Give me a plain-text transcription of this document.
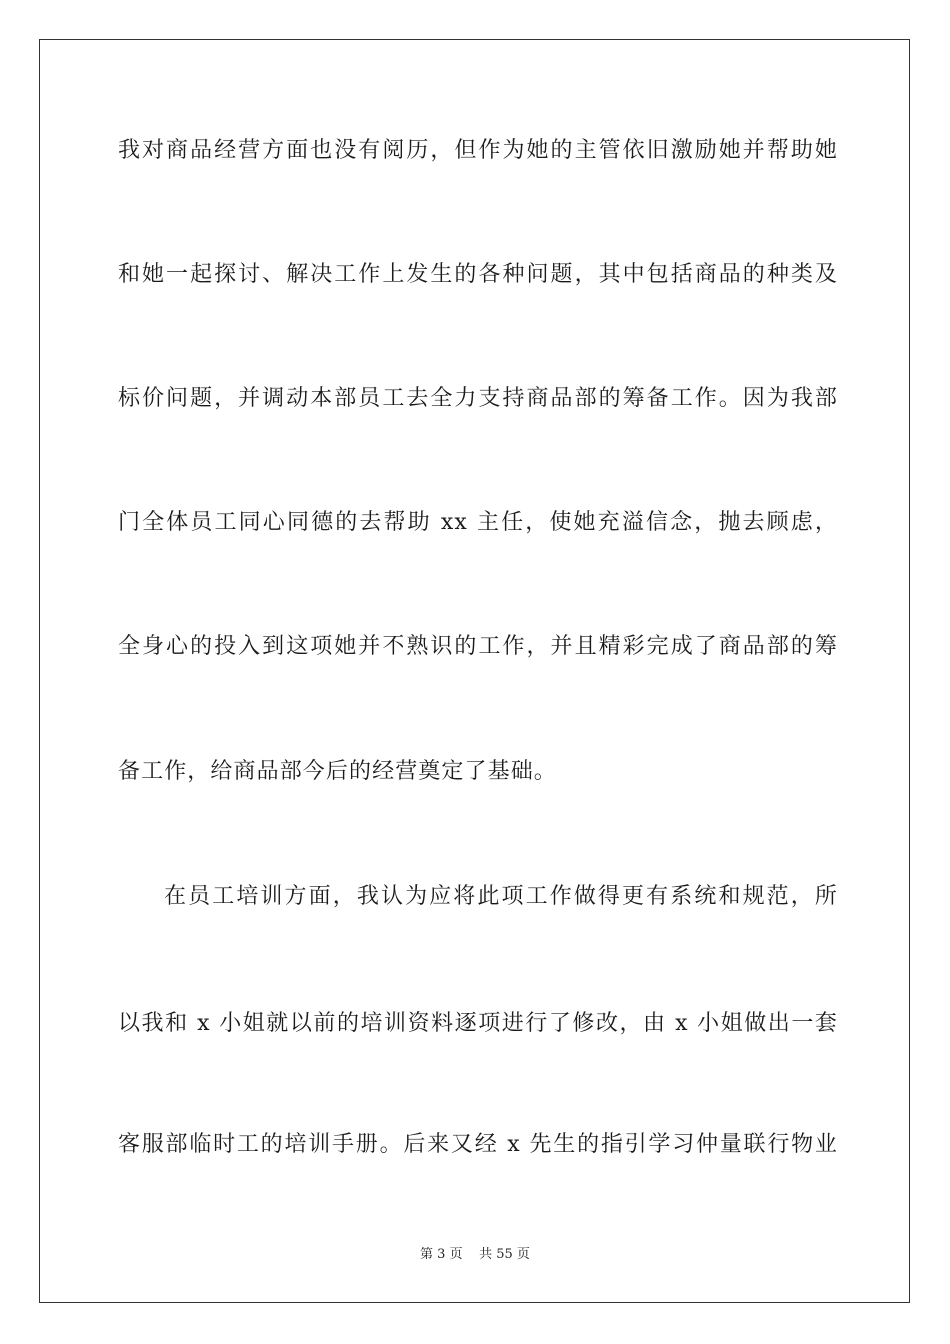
我对商品经营方面也没有阅历，但作为她的主管依旧激励她并帮助她
和她一起探讨、解决工作上发生的各种问题，其中包括商品的种类及
标价问题，并调动本部员工去全力支持商品部的筹备工作。因为我部
门全体员工同心同德的去帮助 xx 主任，使她充溢信念，抛去顾虑，
全身心的投入到这项她并不熟识的工作，并且精彩完成了商品部的筹
备工作，给商品部今后的经营奠定了基础。
在员工培训方面，我认为应将此项工作做得更有系统和规范，所
以我和 x 小姐就以前的培训资料逐项进行了修改，由 x 小姐做出一套
客服部临时工的培训手册。后来又经 x 先生的指引学习仲量联行物业
第 3 页 共 55 页
